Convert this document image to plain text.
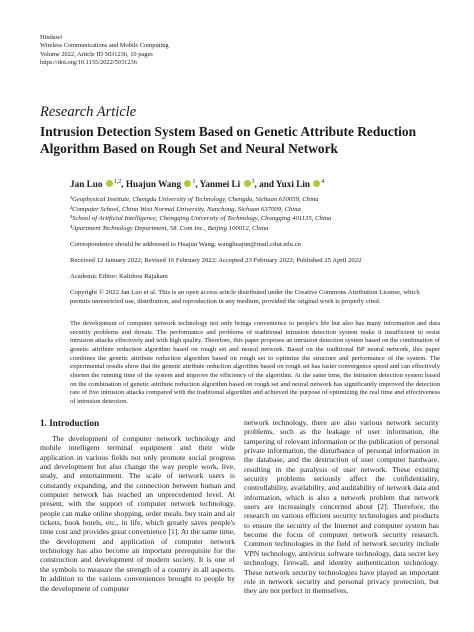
Hindawi
Wireless Communications and Mobile Computing
Volume 2022, Article ID 5031236, 10 pages
https://doi.org/10.1155/2022/5031236
Research Article
Intrusion Detection System Based on Genetic Attribute Reduction Algorithm Based on Rough Set and Neural Network
Jan Luo $^{1,2}$, Huajun Wang $^1$, Yanmei Li $^3$, and Yuxi Lin $^4$
¹Geophysical Institute, Chengdu University of Technology, Chengdu, Sichuan 610059, China
²Computer School, China West Normal University, Nanchong, Sichuan 637009, China
³School of Artificial Intelligence, Chongqing University of Technology, Chongqing 401135, China
⁴Apartment Technology Department, 58. Com Inc., Beijing 100012, China
Correspondence should be addressed to Huajun Wang; wanghuajun@mail.cdut.edu.cn
Received 12 January 2022; Revised 16 February 2022; Accepted 23 February 2022; Published 25 April 2022
Academic Editor: Kalidoss Rajakani
Copyright © 2022 Jan Luo et al. This is an open access article distributed under the Creative Commons Attribution License, which permits unrestricted use, distribution, and reproduction in any medium, provided the original work is properly cited.
The development of computer network technology not only brings convenience to people's life but also has many information and data security problems and threats. The performance and problems of traditional intrusion detection system make it insufficient to resist intrusion attacks effectively and with high quality. Therefore, this paper proposes an intrusion detection system based on the combination of genetic attribute reduction algorithm based on rough set and neural network. Based on the traditional BP neural network, this paper combines the genetic attribute reduction algorithm based on rough set to optimize the structure and performance of the system. The experimental results show that the genetic attribute reduction algorithm based on rough set has faster convergence speed and can effectively shorten the running time of the system and improve the efficiency of the algorithm. At the same time, the intrusion detection system based on the combination of genetic attribute reduction algorithm based on rough set and neural network has significantly improved the detection rate of five intrusion attacks compared with the traditional algorithm and achieved the purpose of optimizing the real time and effectiveness of intrusion detection.
1. Introduction

The development of computer network technology and mobile intelligent terminal equipment and their wide application in various fields not only promote social progress and development but also change the way people work, live, study, and entertainment. The scale of network users is constantly expanding, and the connection between human and computer network has reached an unprecedented level. At present, with the support of computer network technology, people can make online shopping, order meals, buy train and air tickets, book hotels, etc., in life, which greatly saves people's time cost and provides great convenience [1]. At the same time, the development and application of computer network technology has also become an important prerequisite for the construction and development of modern society. It is one of the symbols to measure the strength of a country in all aspects. In addition to the various conveniences brought to people by the development of computer

network technology, there are also various network security problems, such as the leakage of user information, the tampering of relevant information or the publication of personal private information, the disturbance of personal information in the database, and the destruction of user computer hardware, resulting in the paralysis of user network. These existing security problems seriously affect the confidentiality, controllability, availability, and auditability of network data and information, which is also a network problem that network users are increasingly concerned about [2]. Therefore, the research on various efficient security technologies and products to ensure the security of the Internet and computer system has become the focus of computer network security research. Common technologies in the field of network security include VPN technology, antivirus software technology, data secret key technology, firewall, and identity authentication technology. These network security technologies have played an important role in network security and personal privacy protection, but they are not perfect in themselves,
